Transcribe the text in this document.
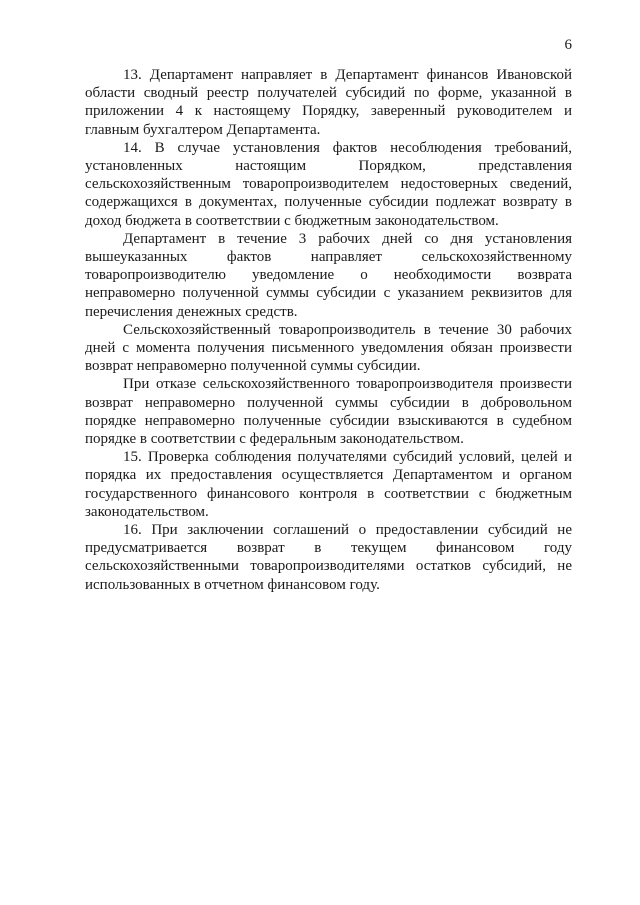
6

13. Департамент направляет в Департамент финансов Ивановской области сводный реестр получателей субсидий по форме, указанной в приложении 4 к настоящему Порядку, заверенный руководителем и главным бухгалтером Департамента.

14. В случае установления фактов несоблюдения требований, установленных настоящим Порядком, представления сельскохозяйственным товаропроизводителем недостоверных сведений, содержащихся в документах, полученные субсидии подлежат возврату в доход бюджета в соответствии с бюджетным законодательством.

Департамент в течение 3 рабочих дней со дня установления вышеуказанных фактов направляет сельскохозяйственному товаропроизводителю уведомление о необходимости возврата неправомерно полученной суммы субсидии с указанием реквизитов для перечисления денежных средств.

Сельскохозяйственный товаропроизводитель в течение 30 рабочих дней с момента получения письменного уведомления обязан произвести возврат неправомерно полученной суммы субсидии.

При отказе сельскохозяйственного товаропроизводителя произвести возврат неправомерно полученной суммы субсидии в добровольном порядке неправомерно полученные субсидии взыскиваются в судебном порядке в соответствии с федеральным законодательством.

15. Проверка соблюдения получателями субсидий условий, целей и порядка их предоставления осуществляется Департаментом и органом государственного финансового контроля в соответствии с бюджетным законодательством.

16. При заключении соглашений о предоставлении субсидий не предусматривается возврат в текущем финансовом году сельскохозяйственными товаропроизводителями остатков субсидий, не использованных в отчетном финансовом году.
